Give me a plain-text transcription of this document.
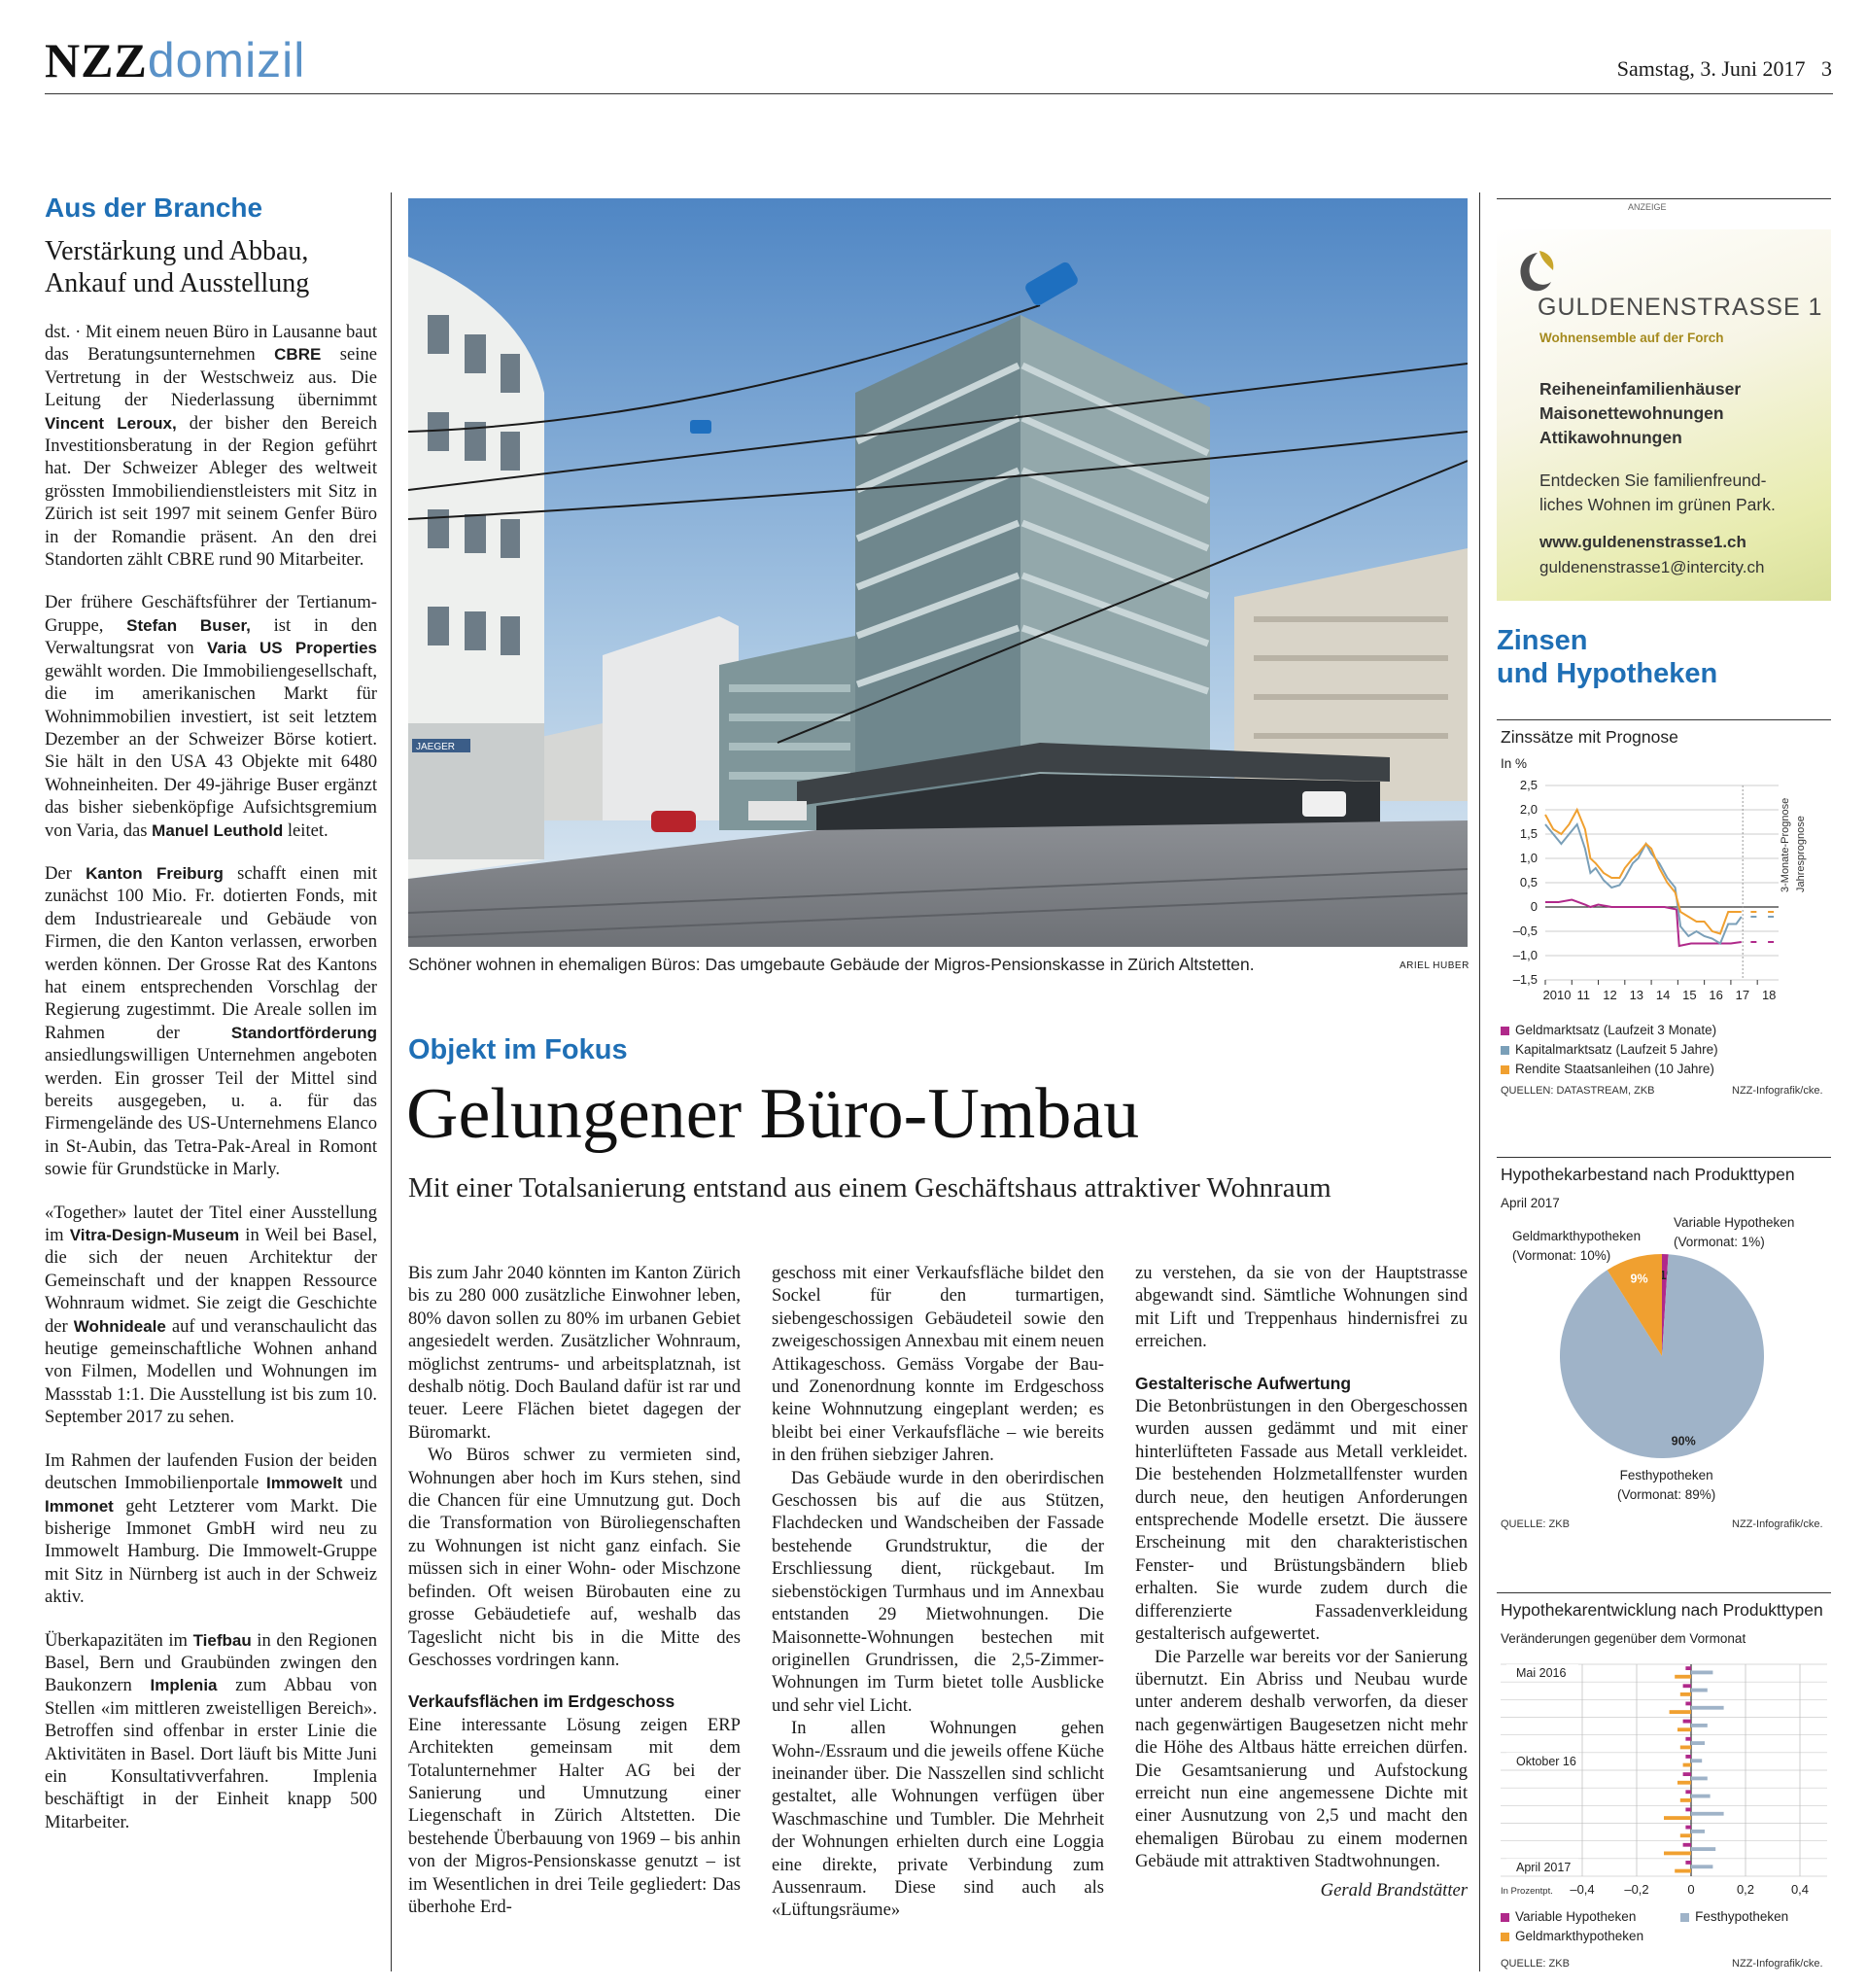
NZZdomizil	Samstag, 3. Juni 2017 3
Aus der Branche
Verstärkung und Abbau, Ankauf und Ausstellung

dst. · Mit einem neuen Büro in Lausanne baut das Beratungsunternehmen CBRE seine Vertretung in der Westschweiz aus. Die Leitung der Niederlassung übernimmt Vincent Leroux, der bisher den Bereich Investitionsberatung in der Region geführt hat. Der Schweizer Ableger des weltweit grössten Immobiliendienstleisters mit Sitz in Zürich ist seit 1997 mit seinem Genfer Büro in der Romandie präsent. An den drei Standorten zählt CBRE rund 90 Mitarbeiter.

Der frühere Geschäftsführer der Tertianum-Gruppe, Stefan Buser, ist in den Verwaltungsrat von Varia US Properties gewählt worden. Die Immobiliengesellschaft, die im amerikanischen Markt für Wohnimmobilien investiert, ist seit letztem Dezember an der Schweizer Börse kotiert. Sie hält in den USA 43 Objekte mit 6480 Wohneinheiten. Der 49-jährige Buser ergänzt das bisher siebenköpfige Aufsichtsgremium von Varia, das Manuel Leuthold leitet.

Der Kanton Freiburg schafft einen mit zunächst 100 Mio. Fr. dotierten Fonds, mit dem Industrieareale und Gebäude von Firmen, die den Kanton verlassen, erworben werden können. Der Grosse Rat des Kantons hat einem entsprechenden Vorschlag der Regierung zugestimmt. Die Areale sollen im Rahmen der Standortförderung ansiedlungswilligen Unternehmen angeboten werden. Ein grosser Teil der Mittel sind bereits ausgegeben, u. a. für das Firmengelände des US-Unternehmens Elanco in St-Aubin, das Tetra-Pak-Areal in Romont sowie für Grundstücke in Marly.

«Together» lautet der Titel einer Ausstellung im Vitra-Design-Museum in Weil bei Basel, die sich der neuen Architektur der Gemeinschaft und der knappen Ressource Wohnraum widmet. Sie zeigt die Geschichte der Wohnideale auf und veranschaulicht das heutige gemeinschaftliche Wohnen anhand von Filmen, Modellen und Wohnungen im Massstab 1:1. Die Ausstellung ist bis zum 10. September 2017 zu sehen.

Im Rahmen der laufenden Fusion der beiden deutschen Immobilienportale Immowelt und Immonet geht Letzterer vom Markt. Die bisherige Immonet GmbH wird neu zu Immowelt Hamburg. Die Immowelt-Gruppe mit Sitz in Nürnberg ist auch in der Schweiz aktiv.

Überkapazitäten im Tiefbau in den Regionen Basel, Bern und Graubünden zwingen den Baukonzern Implenia zum Abbau von Stellen «im mittleren zweistelligen Bereich». Betroffen sind offenbar in erster Linie die Aktivitäten in Basel. Dort läuft bis Mitte Juni ein Konsultativverfahren. Implenia beschäftigt in der Einheit knapp 500 Mitarbeiter.

JAEGER
Schöner wohnen in ehemaligen Büros: Das umgebaute Gebäude der Migros-Pensionskasse in Zürich Altstetten.	ARIEL HUBER
Objekt im Fokus
Gelungener Büro-Umbau
Mit einer Totalsanierung entstand aus einem Geschäftshaus attraktiver Wohnraum

Bis zum Jahr 2040 könnten im Kanton Zürich bis zu 280 000 zusätzliche Einwohner leben, 80% davon sollen zu 80% im urbanen Gebiet angesiedelt werden. Zusätzlicher Wohnraum, möglichst zentrums- und arbeitsplatznah, ist deshalb nötig. Doch Bauland dafür ist rar und teuer. Leere Flächen bietet dagegen der Büromarkt.

Wo Büros schwer zu vermieten sind, Wohnungen aber hoch im Kurs stehen, sind die Chancen für eine Umnutzung gut. Doch die Transformation von Büroliegenschaften zu Wohnungen ist nicht ganz einfach. Sie müssen sich in einer Wohn- oder Mischzone befinden. Oft weisen Bürobauten eine zu grosse Gebäudetiefe auf, weshalb das Tageslicht nicht bis in die Mitte des Geschosses vordringen kann.

Verkaufsflächen im Erdgeschoss

Eine interessante Lösung zeigen ERP Architekten gemeinsam mit dem Totalunternehmer Halter AG bei der Sanierung und Umnutzung einer Liegenschaft in Zürich Altstetten. Die bestehende Überbauung von 1969 – bis anhin von der Migros-Pensionskasse genutzt – ist im Wesentlichen in drei Teile gegliedert: Das überhohe Erd-

geschoss mit einer Verkaufsfläche bildet den Sockel für den turmartigen, siebengeschossigen Gebäudeteil sowie den zweigeschossigen Annexbau mit einem neuen Attikageschoss. Gemäss Vorgabe der Bau- und Zonenordnung konnte im Erdgeschoss keine Wohnnutzung eingeplant werden; es bleibt bei einer Verkaufsfläche – wie bereits in den frühen siebziger Jahren.

Das Gebäude wurde in den oberirdischen Geschossen bis auf die aus Stützen, Flachdecken und Wandscheiben der Fassade bestehende Grundstruktur, die der Erschliessung dient, rückgebaut. Im siebenstöckigen Turmhaus und im Annexbau entstanden 29 Mietwohnungen. Die Maisonnette-Wohnungen bestechen mit originellen Grundrissen, die 2,5-Zimmer-Wohnungen im Turm bietet tolle Ausblicke und sehr viel Licht.

In allen Wohnungen gehen Wohn-/Essraum und die jeweils offene Küche ineinander über. Die Nasszellen sind schlicht gestaltet, alle Wohnungen verfügen über Waschmaschine und Tumbler. Die Mehrheit der Wohnungen erhielten durch eine Loggia eine direkte, private Verbindung zum Aussenraum. Diese sind auch als «Lüftungsräume»

zu verstehen, da sie von der Hauptstrasse abgewandt sind. Sämtliche Wohnungen sind mit Lift und Treppenhaus hindernisfrei zu erreichen.

Gestalterische Aufwertung

Die Betonbrüstungen in den Obergeschossen wurden aussen gedämmt und mit einer hinterlüfteten Fassade aus Metall verkleidet. Die bestehenden Holzmetallfenster wurden durch neue, den heutigen Anforderungen entsprechende Modelle ersetzt. Die äussere Erscheinung mit den charakteristischen Fenster- und Brüstungsbändern blieb erhalten. Sie wurde zudem durch die differenzierte Fassadenverkleidung gestalterisch aufgewertet.

Die Parzelle war bereits vor der Sanierung übernutzt. Ein Abriss und Neubau wurde unter anderem deshalb verworfen, da dieser nach gegenwärtigen Baugesetzen nicht mehr die Höhe des Altbaus hätte erreichen dürfen. Die Gesamtsanierung und Aufstockung erreicht nun eine angemessene Dichte mit einer Ausnutzung von 2,5 und macht den ehemaligen Bürobau zu einem modernen Gebäude mit attraktiven Stadtwohnungen.

Gerald Brandstätter
ANZEIGE
GULDENENSTRASSE 1
Wohnensemble auf der Forch
Reiheneinfamilienhäuser
Maisonettewohnungen
Attikawohnungen
Entdecken Sie familienfreund-
liches Wohnen im grünen Park.
www.guldenenstrasse1.ch
guldenenstrasse1@intercity.ch
Zinsen
und Hypotheken
Zinssätze mit Prognose
In %
2,5
2,0
1,5
1,0
0,5
0
–0,5
–1,0
–1,5
2010 11 12 13 14 15 16 17 18
3-Monate-Prognose Jahresprognose
Geldmarktsatz (Laufzeit 3 Monate)
Kapitalmarktsatz (Laufzeit 5 Jahre)
Rendite Staatsanleihen (10 Jahre)
QUELLEN: DATASTREAM, ZKB	NZZ-Infografik/cke.
Hypothekarbestand nach Produkttypen
April 2017
Geldmarkthypotheken
(Vormonat: 10%)
Variable Hypotheken
(Vormonat: 1%)
90%
9%
Festhypotheken
(Vormonat: 89%)
QUELLE: ZKB	NZZ-Infografik/cke.
Hypothekarentwicklung nach Produkttypen
Veränderungen gegenüber dem Vormonat
–0,4 –0,2	0	0,2	0,4
In Prozentpt.
Mai 2016
Oktober 16
April 2017
Variable Hypotheken	Festhypotheken
Geldmarkthypotheken
QUELLE: ZKB	NZZ-Infografik/cke.
